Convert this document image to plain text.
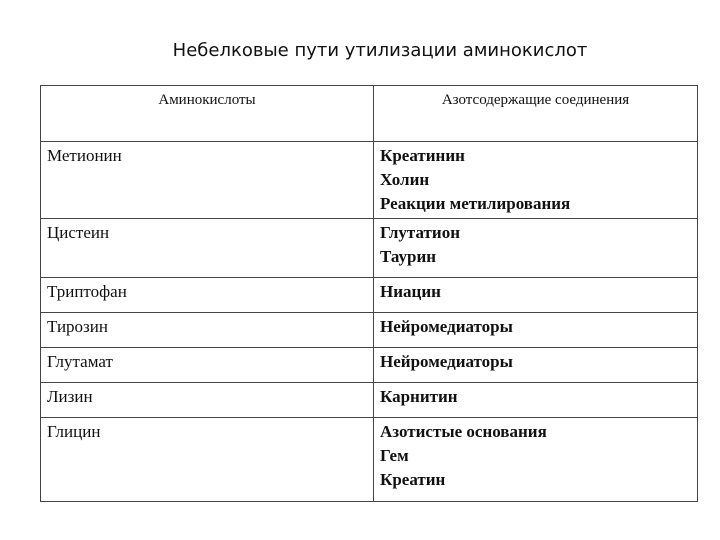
Небелковые пути утилизации аминокислот
Аминокислоты	Азотсодержащие соединения
Метионин	Креатинин
Холин
Реакции метилирования

Цистеин	Глутатион
Таурин

Триптофан	Ниацин

Тирозин	Нейромедиаторы

Глутамат	Нейромедиаторы

Лизин	Карнитин

Глицин	Азотистые основания
Гем
Креатин
